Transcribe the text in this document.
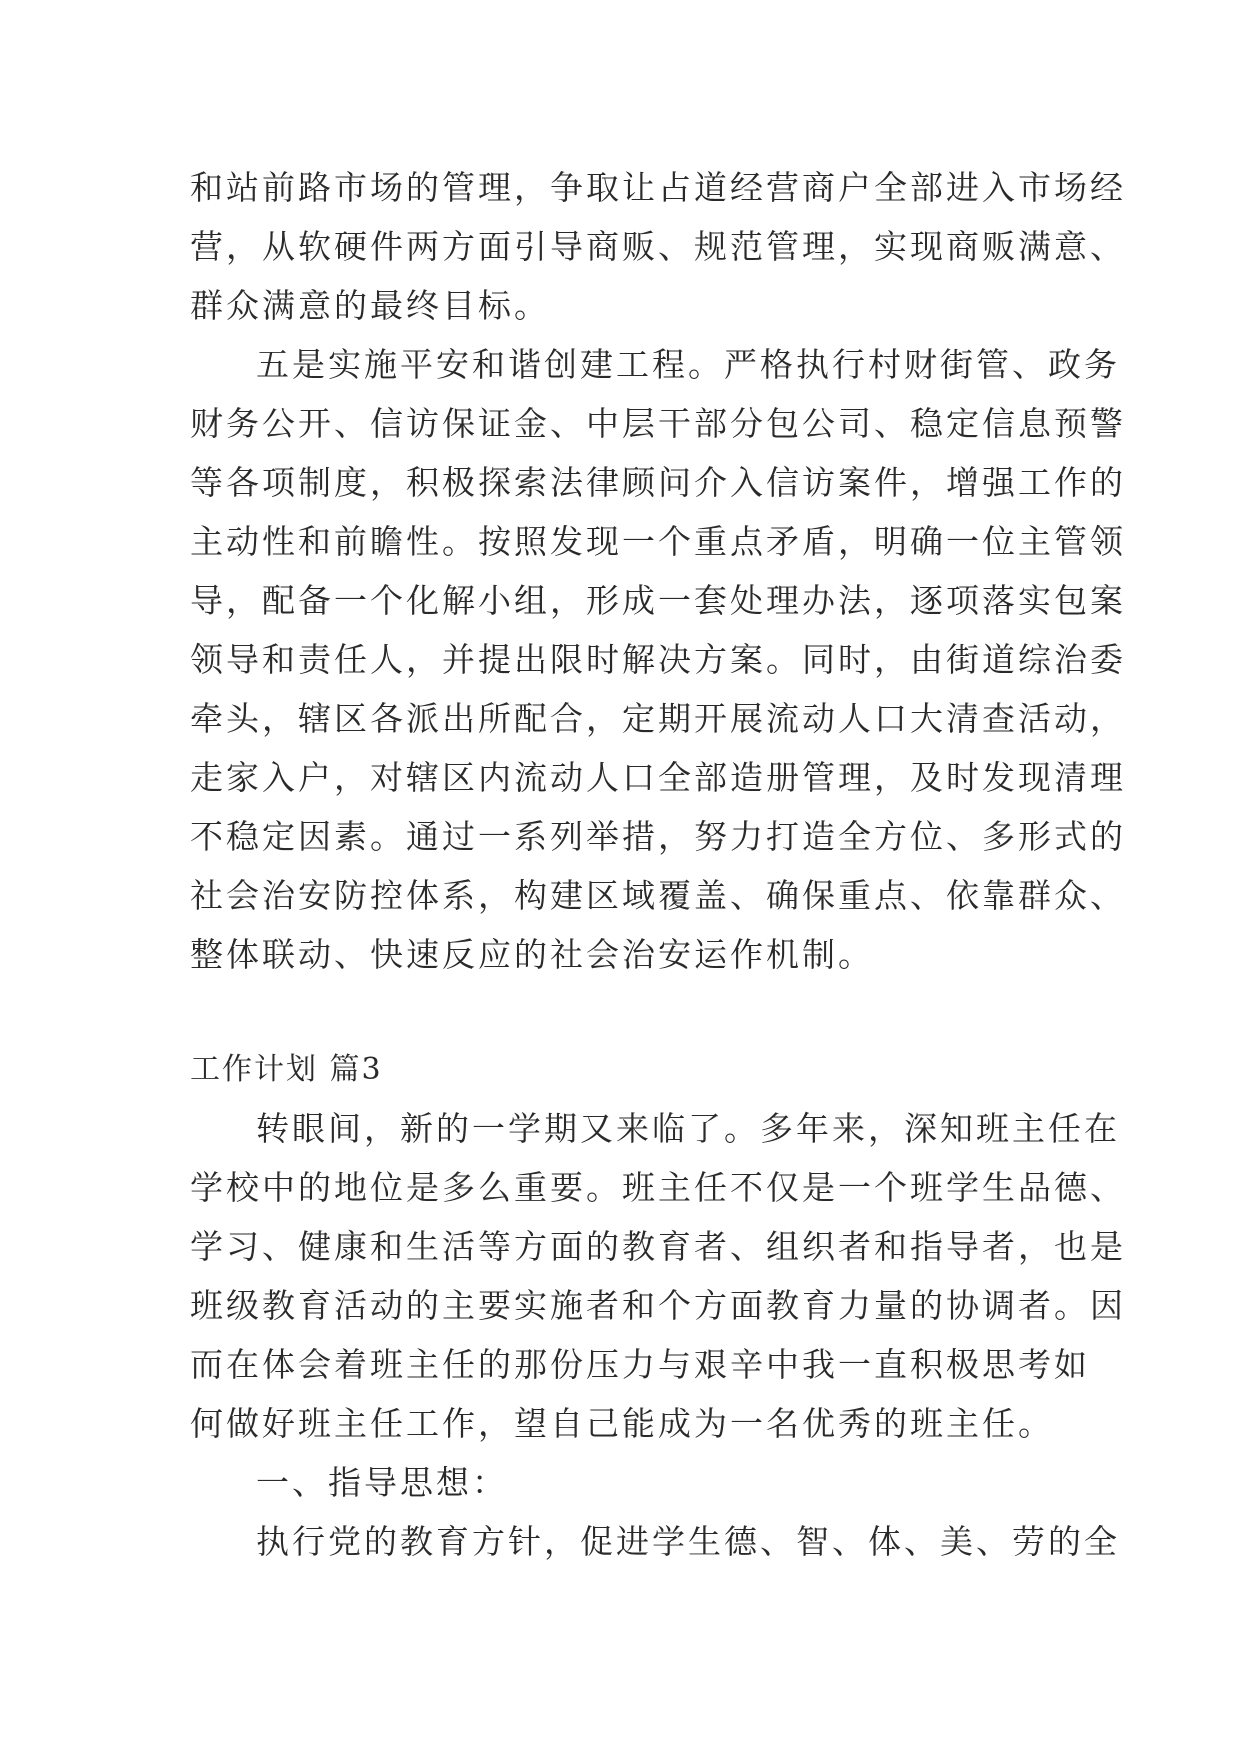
和站前路市场的管理，争取让占道经营商户全部进入市场经
营，从软硬件两方面引导商贩、规范管理，实现商贩满意、
群众满意的最终目标。
五是实施平安和谐创建工程。严格执行村财街管、政务
财务公开、信访保证金、中层干部分包公司、稳定信息预警
等各项制度，积极探索法律顾问介入信访案件，增强工作的
主动性和前瞻性。按照发现一个重点矛盾，明确一位主管领
导，配备一个化解小组，形成一套处理办法，逐项落实包案
领导和责任人，并提出限时解决方案。同时，由街道综治委
牵头，辖区各派出所配合，定期开展流动人口大清查活动，
走家入户，对辖区内流动人口全部造册管理，及时发现清理
不稳定因素。通过一系列举措，努力打造全方位、多形式的
社会治安防控体系，构建区域覆盖、确保重点、依靠群众、
整体联动、快速反应的社会治安运作机制。
工作计划 篇3
转眼间，新的一学期又来临了。多年来，深知班主任在
学校中的地位是多么重要。班主任不仅是一个班学生品德、
学习、健康和生活等方面的教育者、组织者和指导者，也是
班级教育活动的主要实施者和个方面教育力量的协调者。因
而在体会着班主任的那份压力与艰辛中我一直积极思考如
何做好班主任工作，望自己能成为一名优秀的班主任。
一、指导思想：
执行党的教育方针，促进学生德、智、体、美、劳的全
